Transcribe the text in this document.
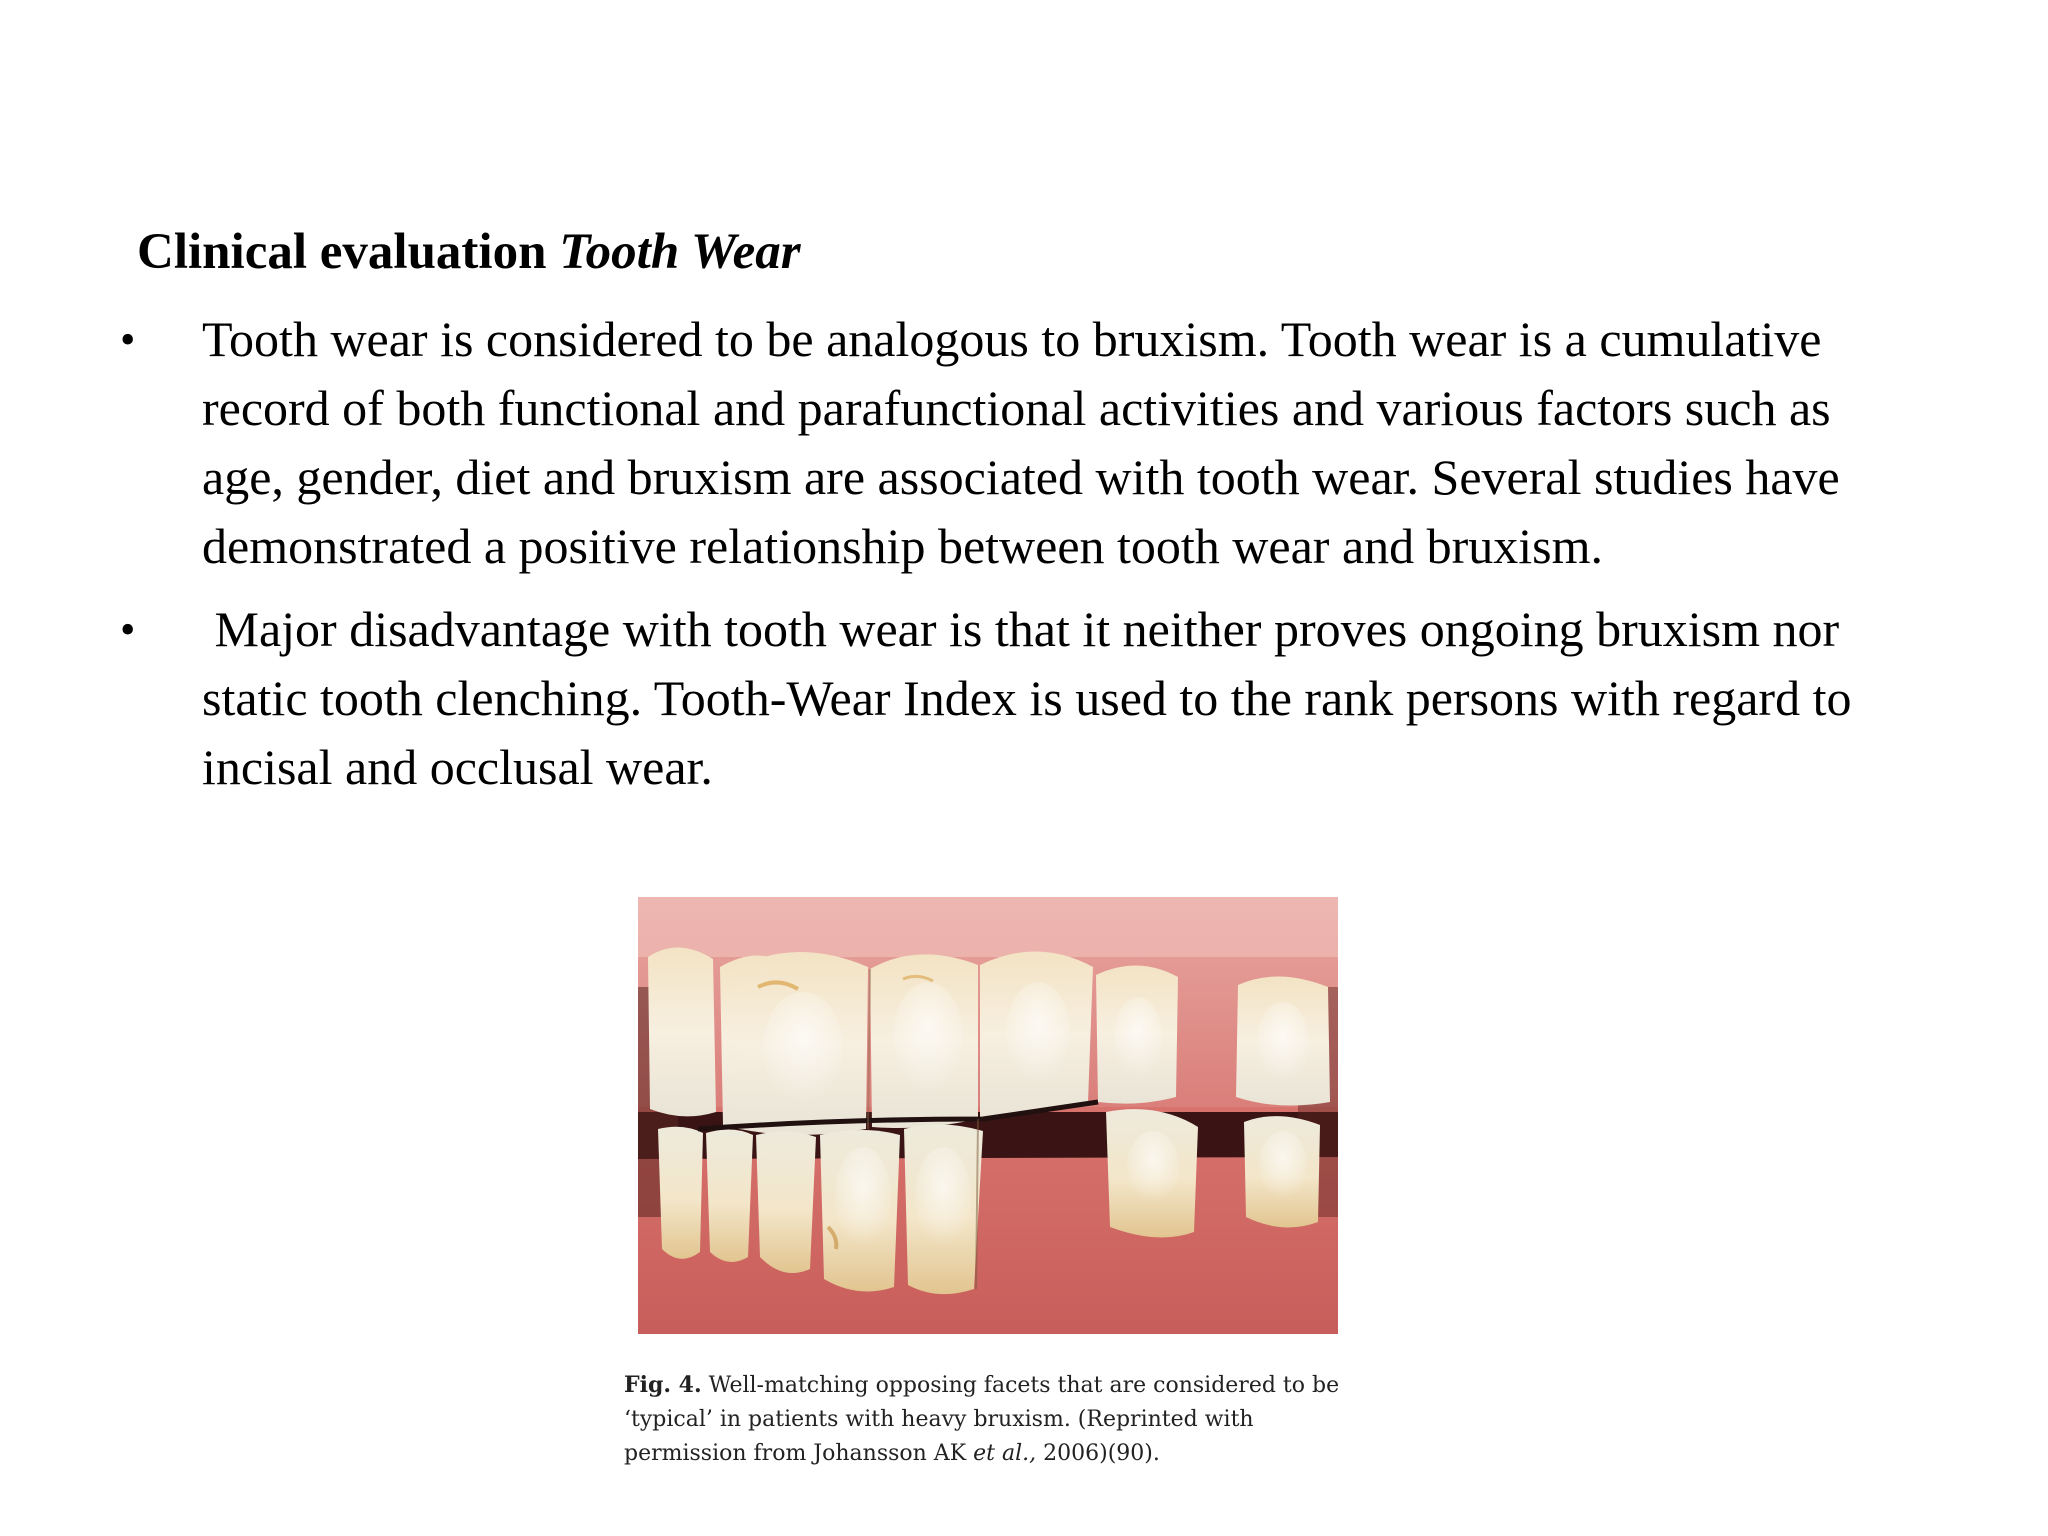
Clinical evaluation Tooth Wear
• Tooth wear is considered to be analogous to bruxism. Tooth wear is a cumulative record of both functional and parafunctional activities and various factors such as age, gender, diet and bruxism are associated with tooth wear. Several studies have demonstrated a positive relationship between tooth wear and bruxism.
• Major disadvantage with tooth wear is that it neither proves ongoing bruxism nor static tooth clenching. Tooth-Wear Index is used to the rank persons with regard to incisal and occlusal wear.
Fig. 4. Well-matching opposing facets that are considered to be ‘typical’ in patients with heavy bruxism. (Reprinted with permission from Johansson AK et al., 2006)(90).
